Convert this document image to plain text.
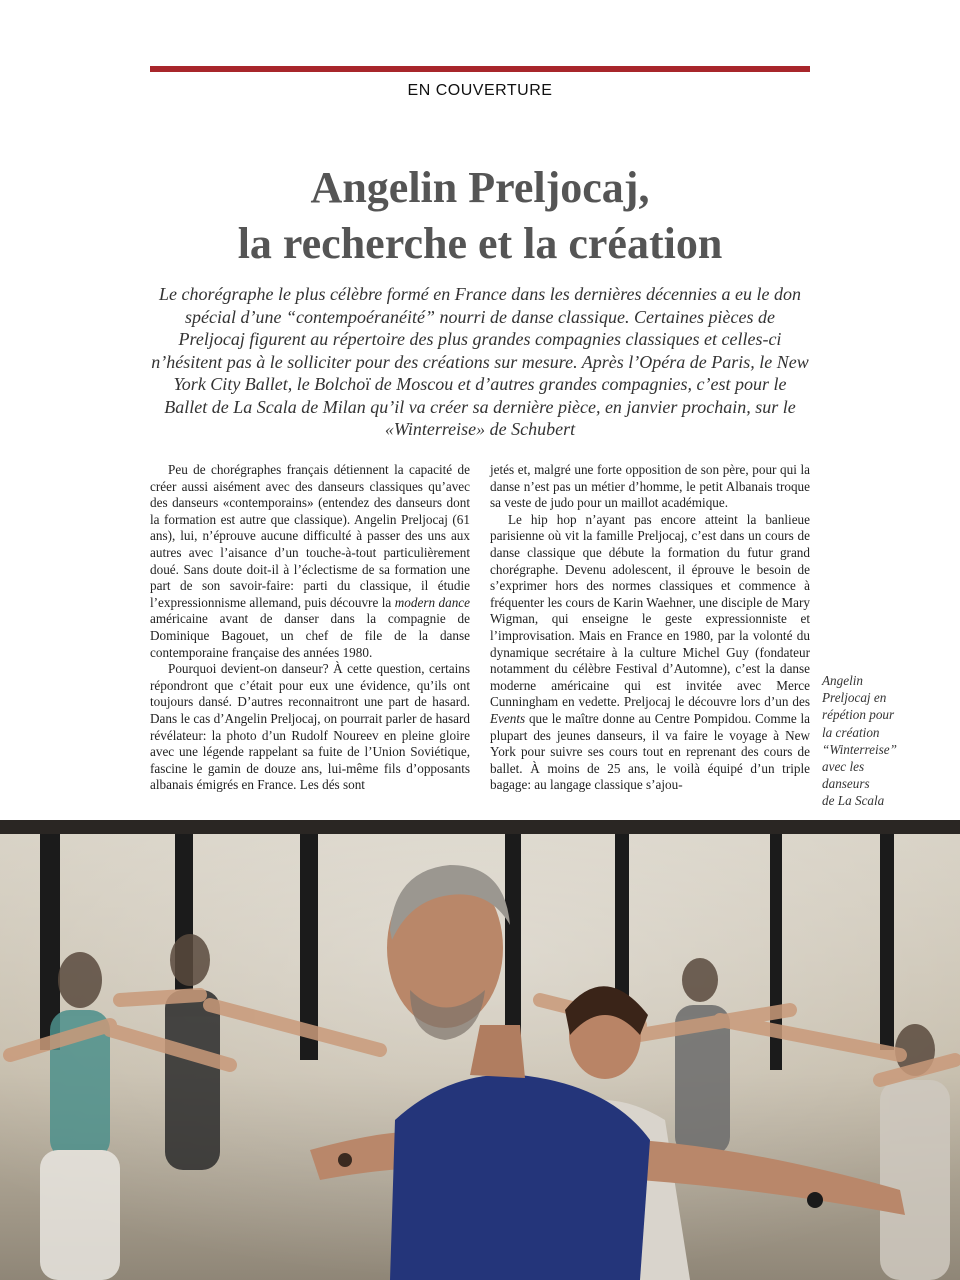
EN COUVERTURE
Angelin Preljocaj,
la recherche et la création
Le chorégraphe le plus célèbre formé en France dans les dernières décennies a eu le don spécial d’une “contempoéranéité” nourri de danse classique. Certaines pièces de Preljocaj figurent au répertoire des plus grandes compagnies classiques et celles-ci n’hésitent pas à le solliciter pour des créations sur mesure. Après l’Opéra de Paris, le New York City Ballet, le Bolchoï de Moscou et d’autres grandes compagnies, c’est pour le Ballet de La Scala de Milan qu’il va créer sa dernière pièce, en janvier prochain, sur le «Winterreise» de Schubert

Peu de chorégraphes français détiennent la capacité de créer aussi aisément avec des danseurs classiques qu’avec des danseurs «contemporains» (entendez des danseurs dont la formation est autre que classique). Angelin Preljocaj (61 ans), lui, n’éprouve aucune difficulté à passer des uns aux autres avec l’aisance d’un touche-à-tout particulièrement doué. Sans doute doit-il à l’éclectisme de sa formation une part de son savoir-faire: parti du classique, il étudie l’expressionnisme allemand, puis découvre la modern dance américaine avant de danser dans la compagnie de Dominique Bagouet, un chef de file de la danse contemporaine française des années 1980.

Pourquoi devient-on danseur? À cette question, certains répondront que c’était pour eux une évidence, qu’ils ont toujours dansé. D’autres reconnaitront une part de hasard. Dans le cas d’Angelin Preljocaj, on pourrait parler de hasard révélateur: la photo d’un Rudolf Noureev en pleine gloire avec une légende rappelant sa fuite de l’Union Soviétique, fascine le gamin de douze ans, lui-même fils d’opposants albanais émigrés en France. Les dés sont

jetés et, malgré une forte opposition de son père, pour qui la danse n’est pas un métier d’homme, le petit Albanais troque sa veste de judo pour un maillot académique.

Le hip hop n’ayant pas encore atteint la banlieue parisienne où vit la famille Preljocaj, c’est dans un cours de danse classique que débute la formation du futur grand chorégraphe. Devenu adolescent, il éprouve le besoin de s’exprimer hors des normes classiques et commence à fréquenter les cours de Karin Waehner, une disciple de Mary Wigman, qui enseigne le geste expressionniste et l’improvisation. Mais en France en 1980, par la volonté du dynamique secrétaire à la culture Michel Guy (fondateur notamment du célèbre Festival d’Automne), c’est la danse moderne américaine qui est invitée avec Merce Cunningham en vedette. Preljocaj le découvre lors d’un des Events que le maître donne au Centre Pompidou. Comme la plupart des jeunes danseurs, il va faire le voyage à New York pour suivre ses cours tout en reprenant des cours de ballet. À moins de 25 ans, le voilà équipé d’un triple bagage: au langage classique s’ajou-

Angelin
Preljocaj en
répétion pour
la création
“Winterreise”
avec les
danseurs
de La Scala
